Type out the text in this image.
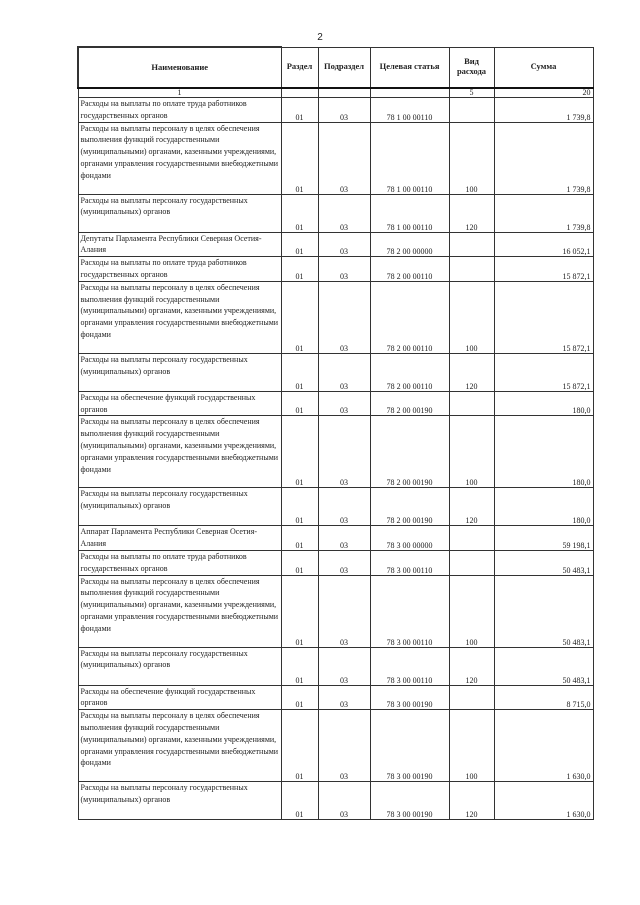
2
Наименование	Раздел	Подраздел	Целевая статья	Вид расхода	Сумма
1				5	20
Расходы на выплаты по оплате труда работников государственных органов	01	03	78 1 00 00110		1 739,8
Расходы на выплаты персоналу в целях обеспечения выполнения функций государственными (муниципальными) органами, казенными учреждениями, органами управления государственными внебюджетными фондами	01	03	78 1 00 00110	100	1 739,8
Расходы на выплаты персоналу государственных (муниципальных) органов	01	03	78 1 00 00110	120	1 739,8
Депутаты Парламента Республики Северная Осетия-Алания	01	03	78 2 00 00000		16 052,1
Расходы на выплаты по оплате труда работников государственных органов	01	03	78 2 00 00110		15 872,1
Расходы на выплаты персоналу в целях обеспечения выполнения функций государственными (муниципальными) органами, казенными учреждениями, органами управления государственными внебюджетными фондами	01	03	78 2 00 00110	100	15 872,1
Расходы на выплаты персоналу государственных (муниципальных) органов	01	03	78 2 00 00110	120	15 872,1
Расходы на обеспечение функций государственных органов	01	03	78 2 00 00190		180,0
Расходы на выплаты персоналу в целях обеспечения выполнения функций государственными (муниципальными) органами, казенными учреждениями, органами управления государственными внебюджетными фондами	01	03	78 2 00 00190	100	180,0
Расходы на выплаты персоналу государственных (муниципальных) органов	01	03	78 2 00 00190	120	180,0
Аппарат Парламента Республики Северная Осетия-Алания	01	03	78 3 00 00000		59 198,1
Расходы на выплаты по оплате труда работников государственных органов	01	03	78 3 00 00110		50 483,1
Расходы на выплаты персоналу в целях обеспечения выполнения функций государственными (муниципальными) органами, казенными учреждениями, органами управления государственными внебюджетными фондами	01	03	78 3 00 00110	100	50 483,1
Расходы на выплаты персоналу государственных (муниципальных) органов	01	03	78 3 00 00110	120	50 483,1
Расходы на обеспечение функций государственных органов	01	03	78 3 00 00190		8 715,0
Расходы на выплаты персоналу в целях обеспечения выполнения функций государственными (муниципальными) органами, казенными учреждениями, органами управления государственными внебюджетными фондами	01	03	78 3 00 00190	100	1 630,0
Расходы на выплаты персоналу государственных (муниципальных) органов	01	03	78 3 00 00190	120	1 630,0
